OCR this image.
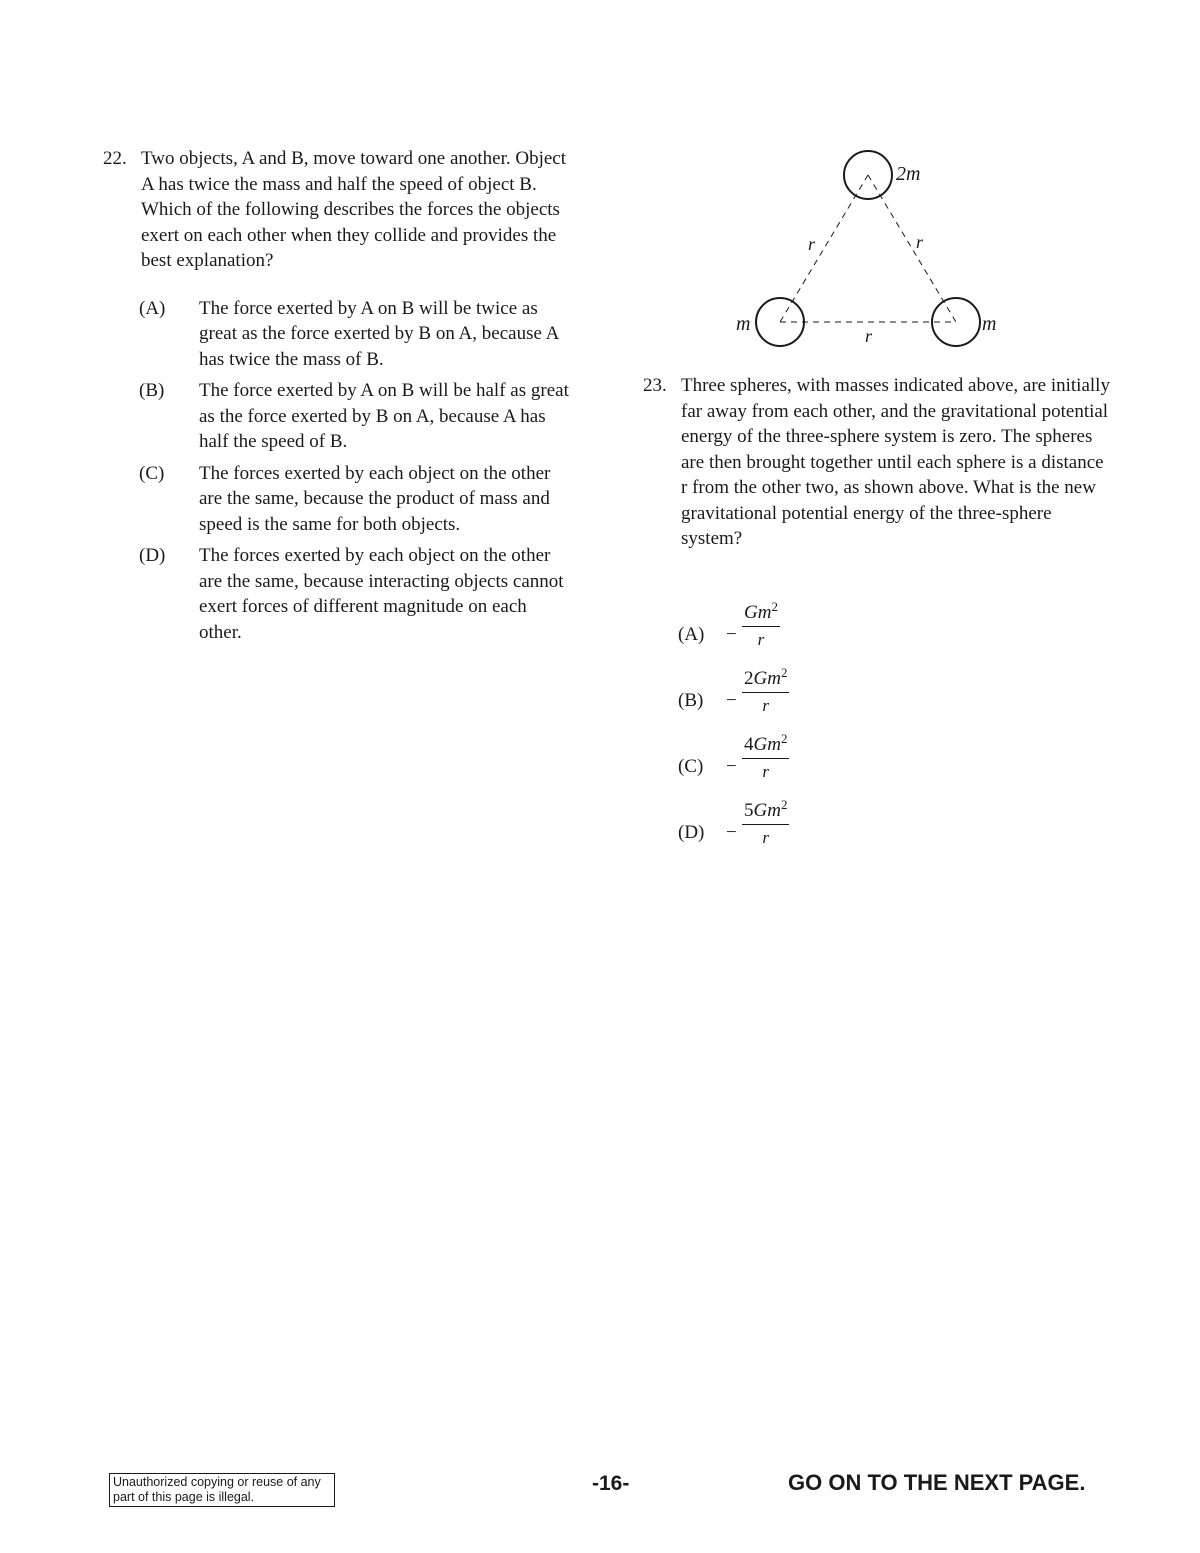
22. Two objects, A and B, move toward one another. Object A has twice the mass and half the speed of object B. Which of the following describes the forces the objects exert on each other when they collide and provides the best explanation?
(A) The force exerted by A on B will be twice as great as the force exerted by B on A, because A has twice the mass of B.
(B) The force exerted by A on B will be half as great as the force exerted by B on A, because A has half the speed of B.
(C) The forces exerted by each object on the other are the same, because the product of mass and speed is the same for both objects.
(D) The forces exerted by each object on the other are the same, because interacting objects cannot exert forces of different magnitude on each other.
2m
m	m
r	r
r
23. Three spheres, with masses indicated above, are initially far away from each other, and the gravitational potential energy of the three-sphere system is zero. The spheres are then brought together until each sphere is a distance r from the other two, as shown above. What is the new gravitational potential energy of the three-sphere system?
$(A) - \frac{Gm^2}{r}$
$(B) - \frac{2Gm^2}{r}$
$(C) - \frac{4Gm^2}{r}$
$(D) - \frac{5Gm^2}{r}$
Unauthorized copying or reuse of any part of this page is illegal.
-16-	GO ON TO THE NEXT PAGE.
